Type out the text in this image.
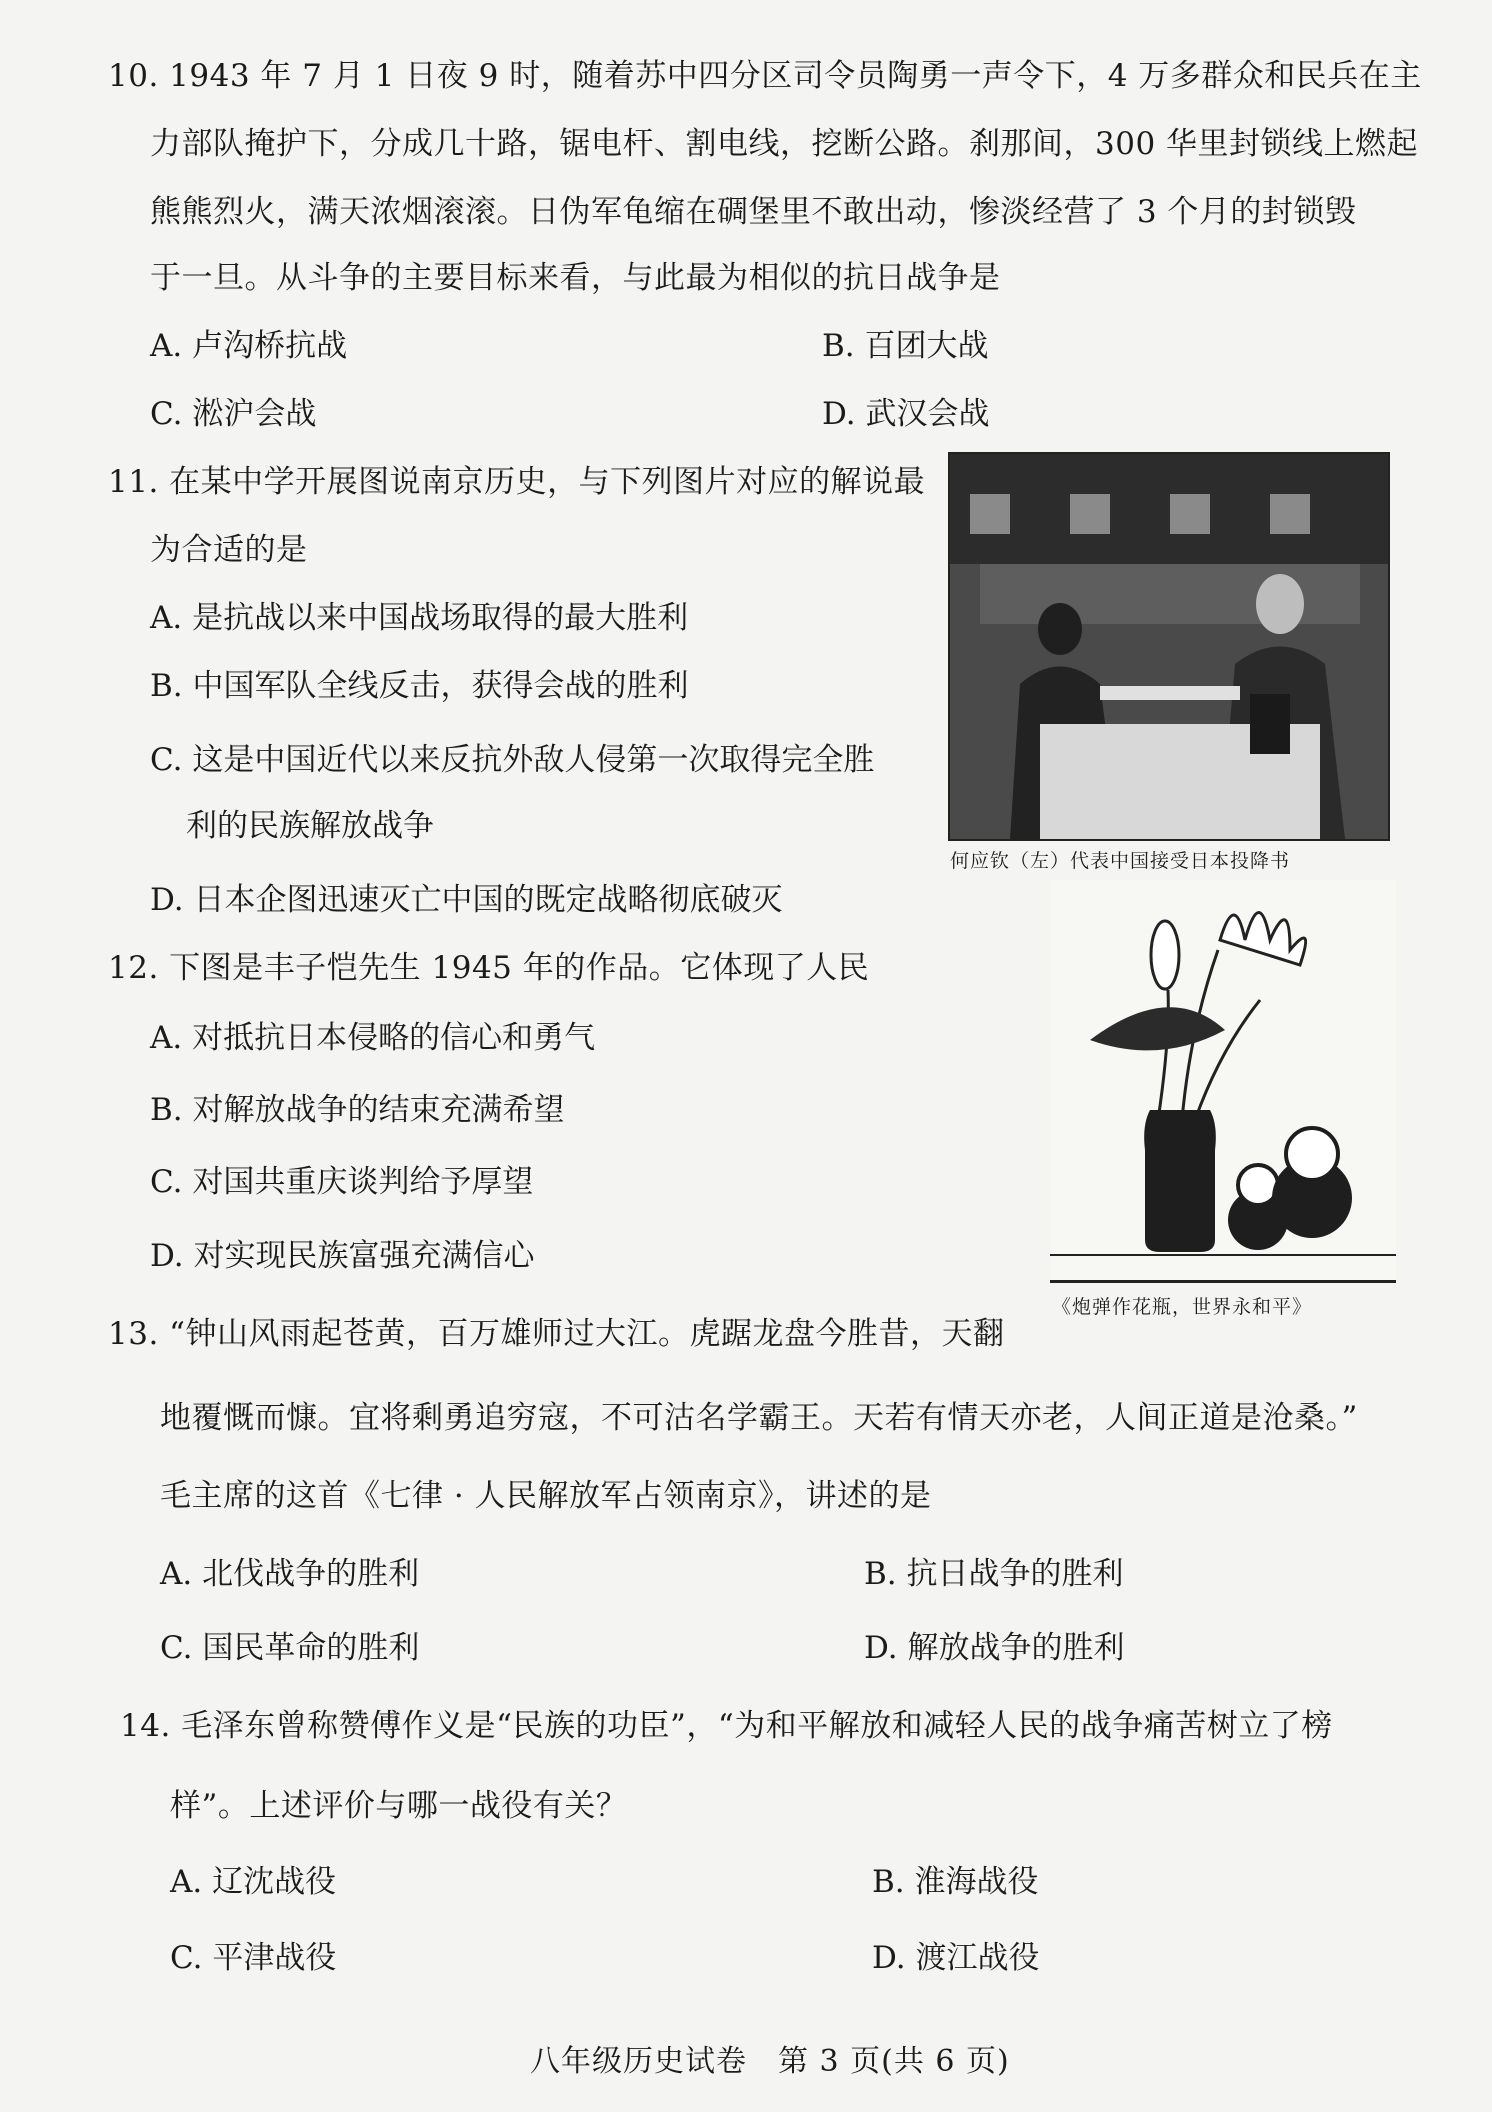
10. 1943 年 7 月 1 日夜 9 时，随着苏中四分区司令员陶勇一声令下，4 万多群众和民兵在主
力部队掩护下，分成几十路，锯电杆、割电线，挖断公路。刹那间，300 华里封锁线上燃起
熊熊烈火，满天浓烟滚滚。日伪军龟缩在碉堡里不敢出动，惨淡经营了 3 个月的封锁毁
于一旦。从斗争的主要目标来看，与此最为相似的抗日战争是
A. 卢沟桥抗战	B. 百团大战
C. 淞沪会战	D. 武汉会战
11. 在某中学开展图说南京历史，与下列图片对应的解说最
为合适的是
A. 是抗战以来中国战场取得的最大胜利
B. 中国军队全线反击，获得会战的胜利
C. 这是中国近代以来反抗外敌人侵第一次取得完全胜
利的民族解放战争
D. 日本企图迅速灭亡中国的既定战略彻底破灭
何应钦（左）代表中国接受日本投降书
12. 下图是丰子恺先生 1945 年的作品。它体现了人民
A. 对抵抗日本侵略的信心和勇气
B. 对解放战争的结束充满希望
C. 对国共重庆谈判给予厚望
D. 对实现民族富强充满信心
《炮弹作花瓶，世界永和平》
13. “钟山风雨起苍黄，百万雄师过大江。虎踞龙盘今胜昔，天翻
地覆慨而慷。宜将剩勇追穷寇，不可沽名学霸王。天若有情天亦老，人间正道是沧桑。”
毛主席的这首《七律 · 人民解放军占领南京》，讲述的是
A. 北伐战争的胜利	B. 抗日战争的胜利
C. 国民革命的胜利	D. 解放战争的胜利
14. 毛泽东曾称赞傅作义是“民族的功臣”，“为和平解放和减轻人民的战争痛苦树立了榜
样”。上述评价与哪一战役有关？
A. 辽沈战役	B. 淮海战役
C. 平津战役	D. 渡江战役
八年级历史试卷　第 3 页(共 6 页)
